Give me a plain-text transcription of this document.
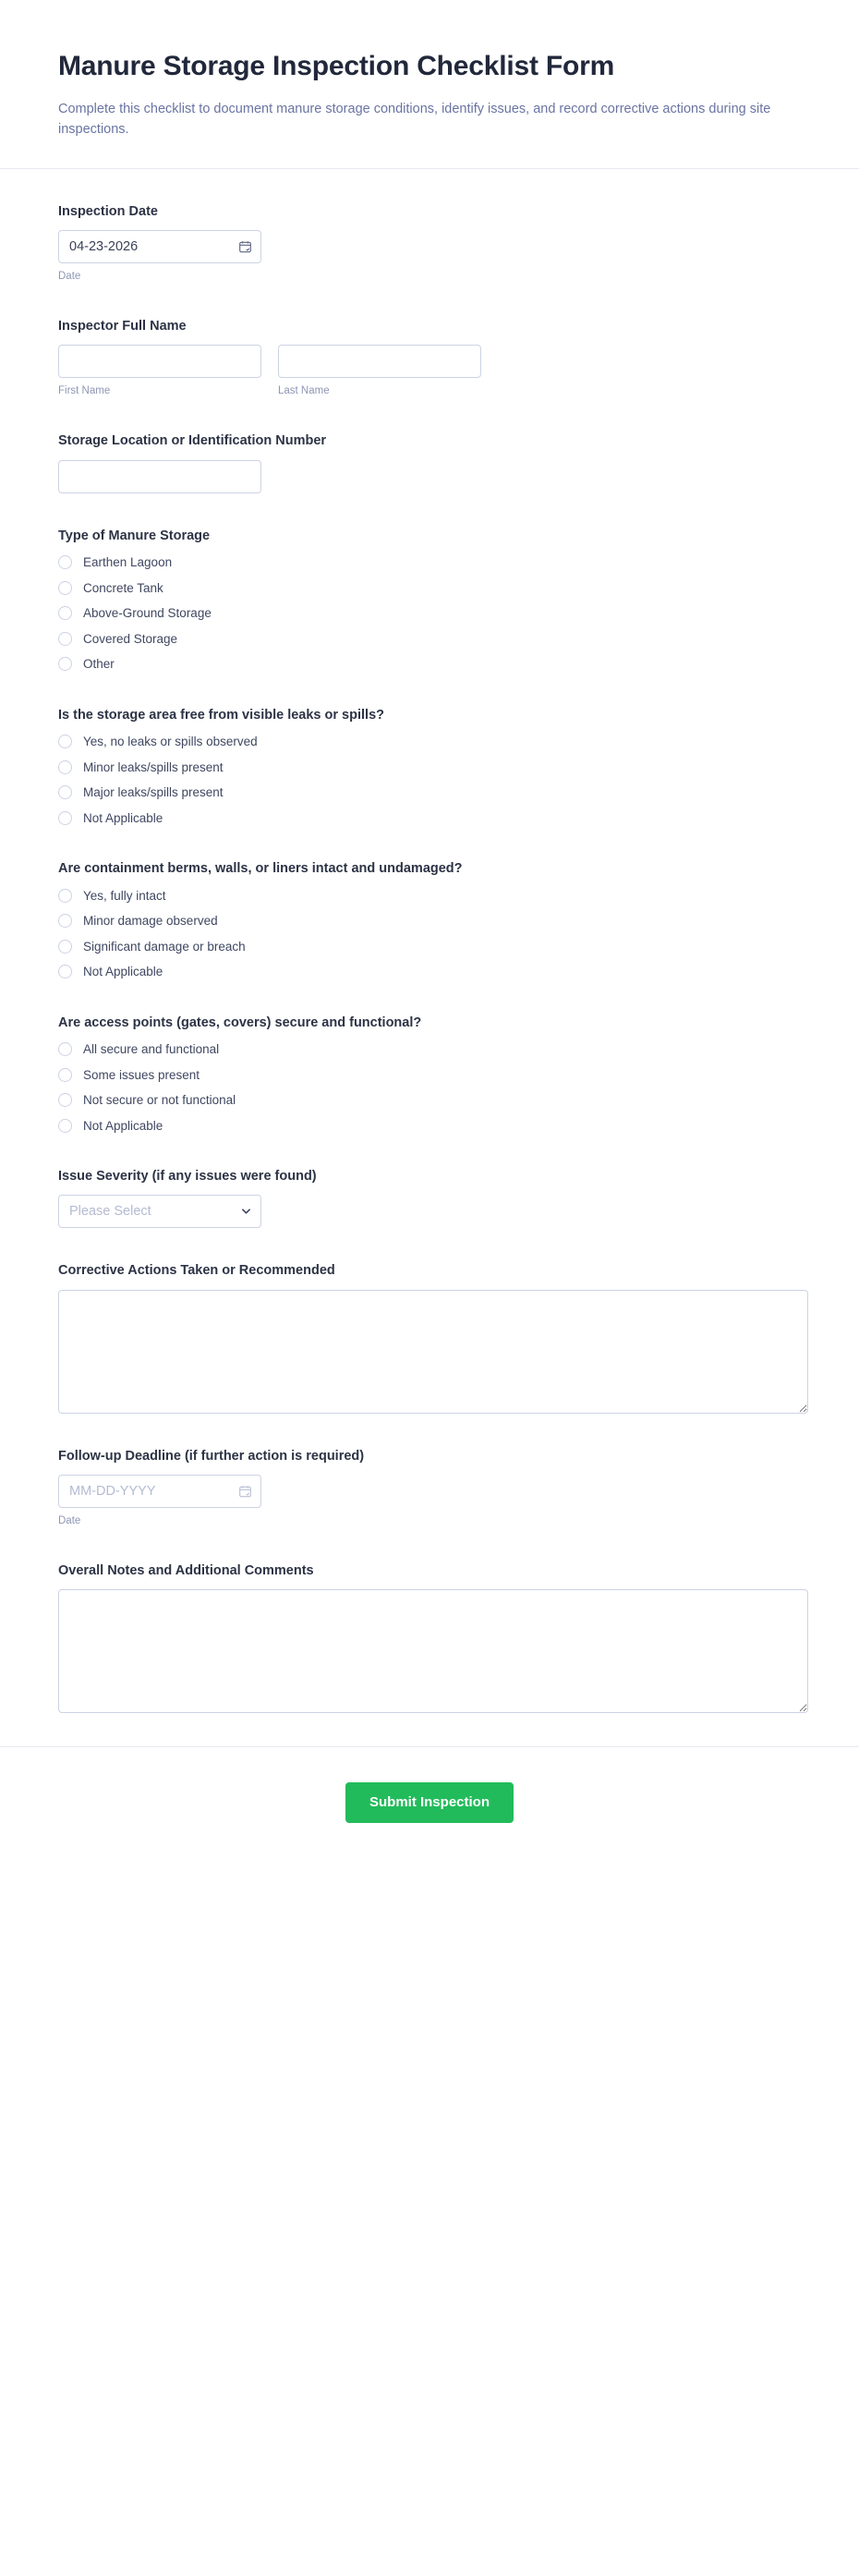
Manure Storage Inspection Checklist Form

Complete this checklist to document manure storage conditions, identify issues, and record corrective actions during site inspections.

Inspection Date
04-23-2026
Date
Inspector Full Name
First Name	Last Name
Storage Location or Identification Number
Type of Manure Storage
Earthen Lagoon
Concrete Tank
Above-Ground Storage
Covered Storage
Other
Is the storage area free from visible leaks or spills?
Yes, no leaks or spills observed
Minor leaks/spills present
Major leaks/spills present
Not Applicable
Are containment berms, walls, or liners intact and undamaged?
Yes, fully intact
Minor damage observed
Significant damage or breach
Not Applicable
Are access points (gates, covers) secure and functional?
All secure and functional
Some issues present
Not secure or not functional
Not Applicable
Issue Severity (if any issues were found)
Please Select
Corrective Actions Taken or Recommended
Follow-up Deadline (if further action is required)
MM-DD-YYYY
Date
Overall Notes and Additional Comments
Submit Inspection
